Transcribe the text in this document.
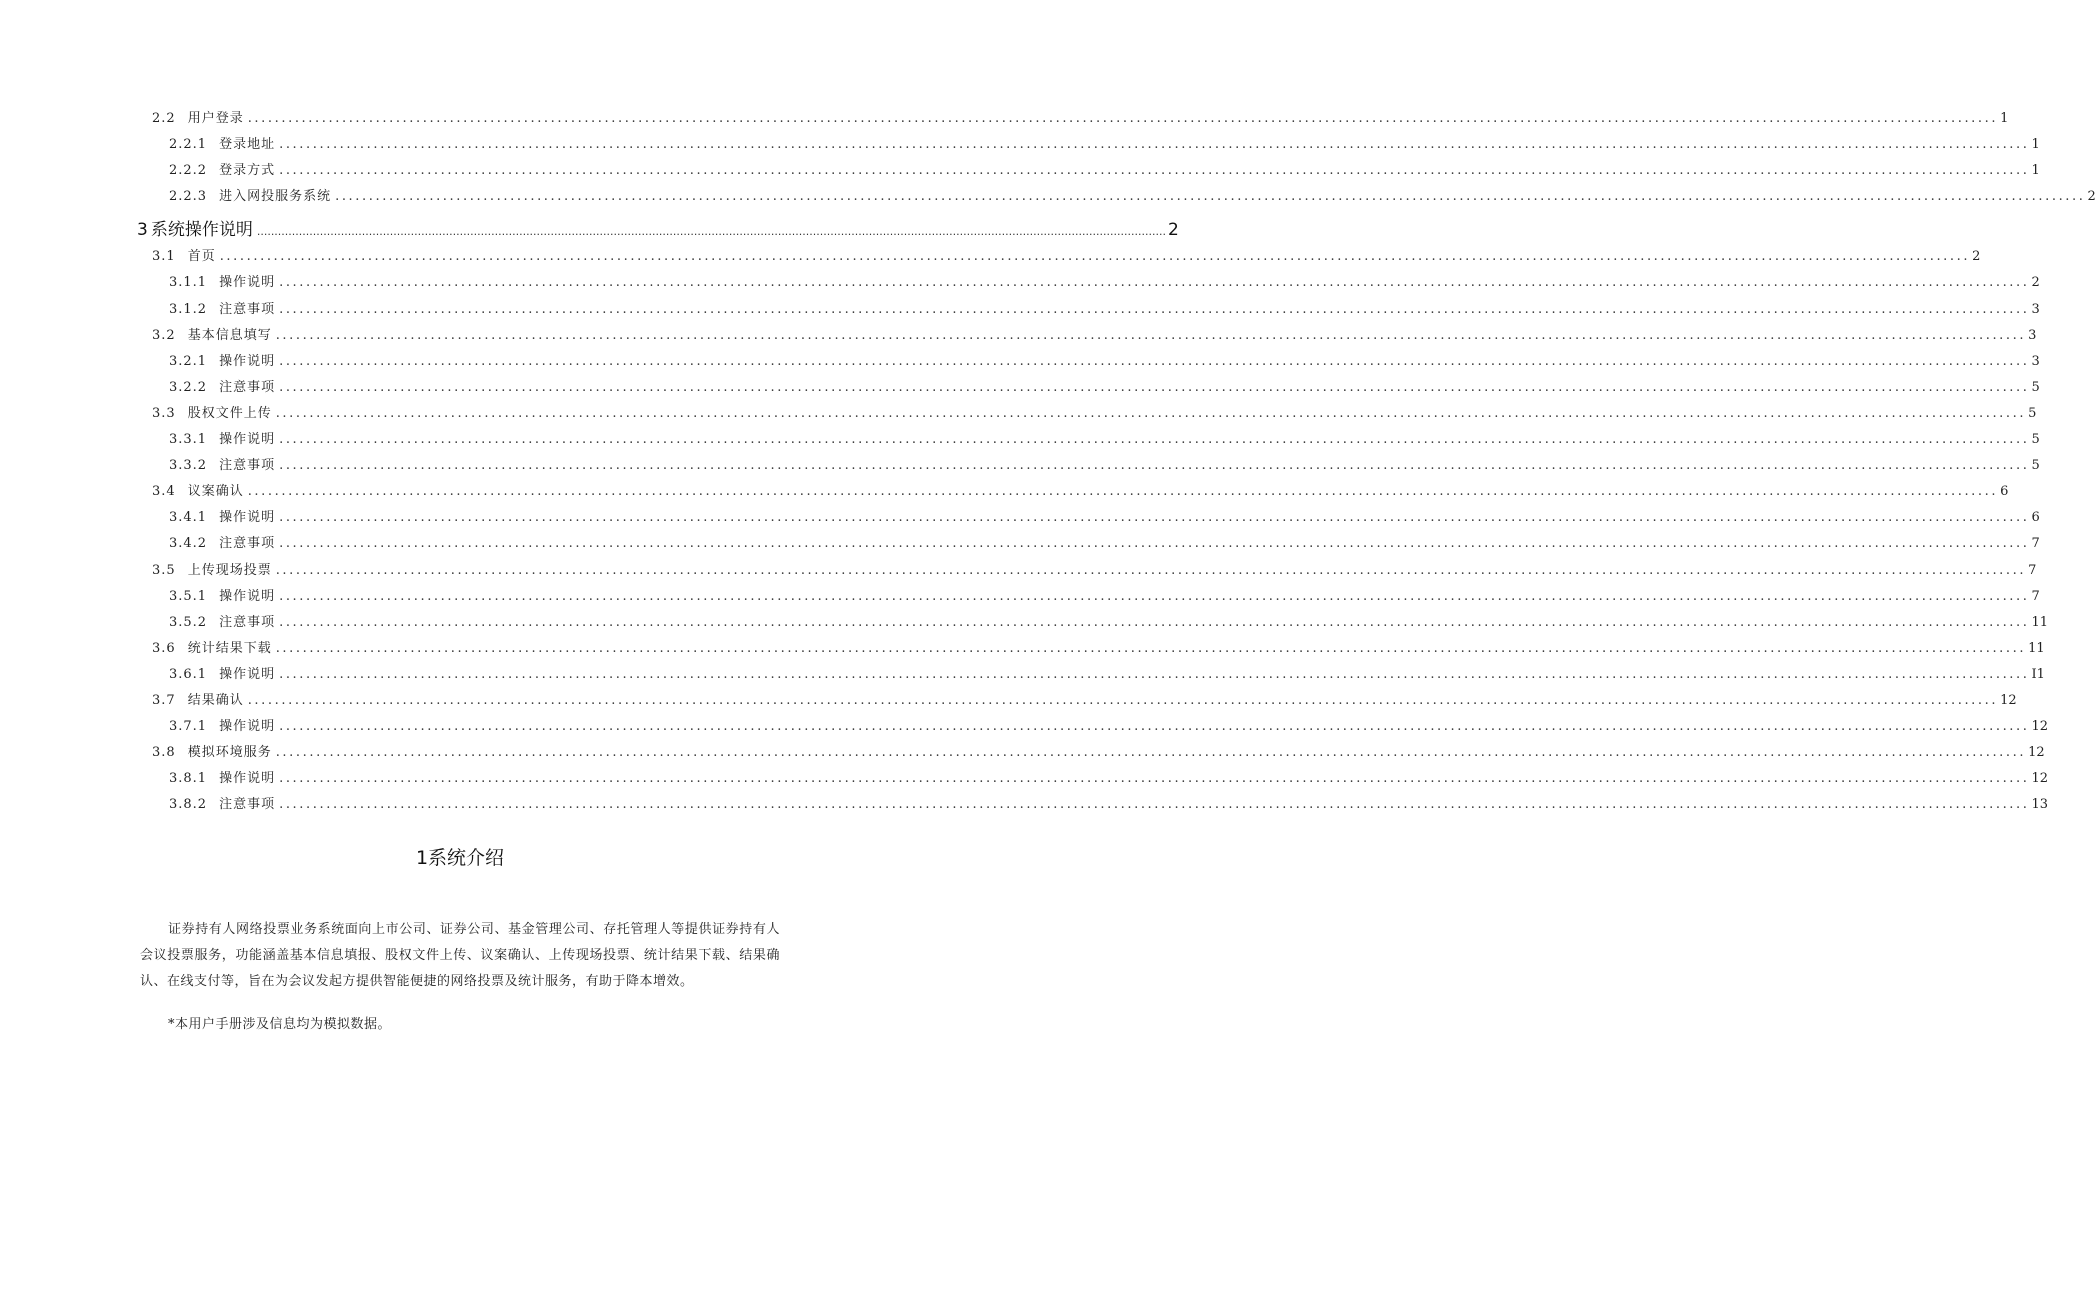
2.2 用户登录 .................................................................................................................................................................................................................................................................... 1
2.2.1 登录地址 .................................................................................................................................................................................................................................................................... 1
2.2.2 登录方式 .................................................................................................................................................................................................................................................................... 1
2.2.3 进入网投服务系统 .................................................................................................................................................................................................................................................................... 2
3 系统操作说明 .................................................................................................................................................................................................................................................................... 2
3.1 首页 .................................................................................................................................................................................................................................................................... 2
3.1.1 操作说明 .................................................................................................................................................................................................................................................................... 2
3.1.2 注意事项 .................................................................................................................................................................................................................................................................... 3
3.2 基本信息填写 .................................................................................................................................................................................................................................................................... 3
3.2.1 操作说明 .................................................................................................................................................................................................................................................................... 3
3.2.2 注意事项 .................................................................................................................................................................................................................................................................... 5
3.3 股权文件上传 .................................................................................................................................................................................................................................................................... 5
3.3.1 操作说明 .................................................................................................................................................................................................................................................................... 5
3.3.2 注意事项 .................................................................................................................................................................................................................................................................... 5
3.4 议案确认 .................................................................................................................................................................................................................................................................... 6
3.4.1 操作说明 .................................................................................................................................................................................................................................................................... 6
3.4.2 注意事项 .................................................................................................................................................................................................................................................................... 7
3.5 上传现场投票 .................................................................................................................................................................................................................................................................... 7
3.5.1 操作说明 .................................................................................................................................................................................................................................................................... 7
3.5.2 注意事项 .................................................................................................................................................................................................................................................................... 11
3.6 统计结果下载 .................................................................................................................................................................................................................................................................... 11
3.6.1 操作说明 .................................................................................................................................................................................................................................................................... I1
3.7 结果确认 .................................................................................................................................................................................................................................................................... 12
3.7.1 操作说明 .................................................................................................................................................................................................................................................................... 12
3.8 模拟环境服务 .................................................................................................................................................................................................................................................................... 12
3.8.1 操作说明 .................................................................................................................................................................................................................................................................... 12
3.8.2 注意事项 .................................................................................................................................................................................................................................................................... 13
1系统介绍

证券持有人网络投票业务系统面向上市公司、证券公司、基金管理公司、存托管理人等提供证券持有人会议投票服务，功能涵盖基本信息填报、股权文件上传、议案确认、上传现场投票、统计结果下载、结果确认、在线支付等，旨在为会议发起方提供智能便捷的网络投票及统计服务，有助于降本增效。

*本用户手册涉及信息均为模拟数据。
